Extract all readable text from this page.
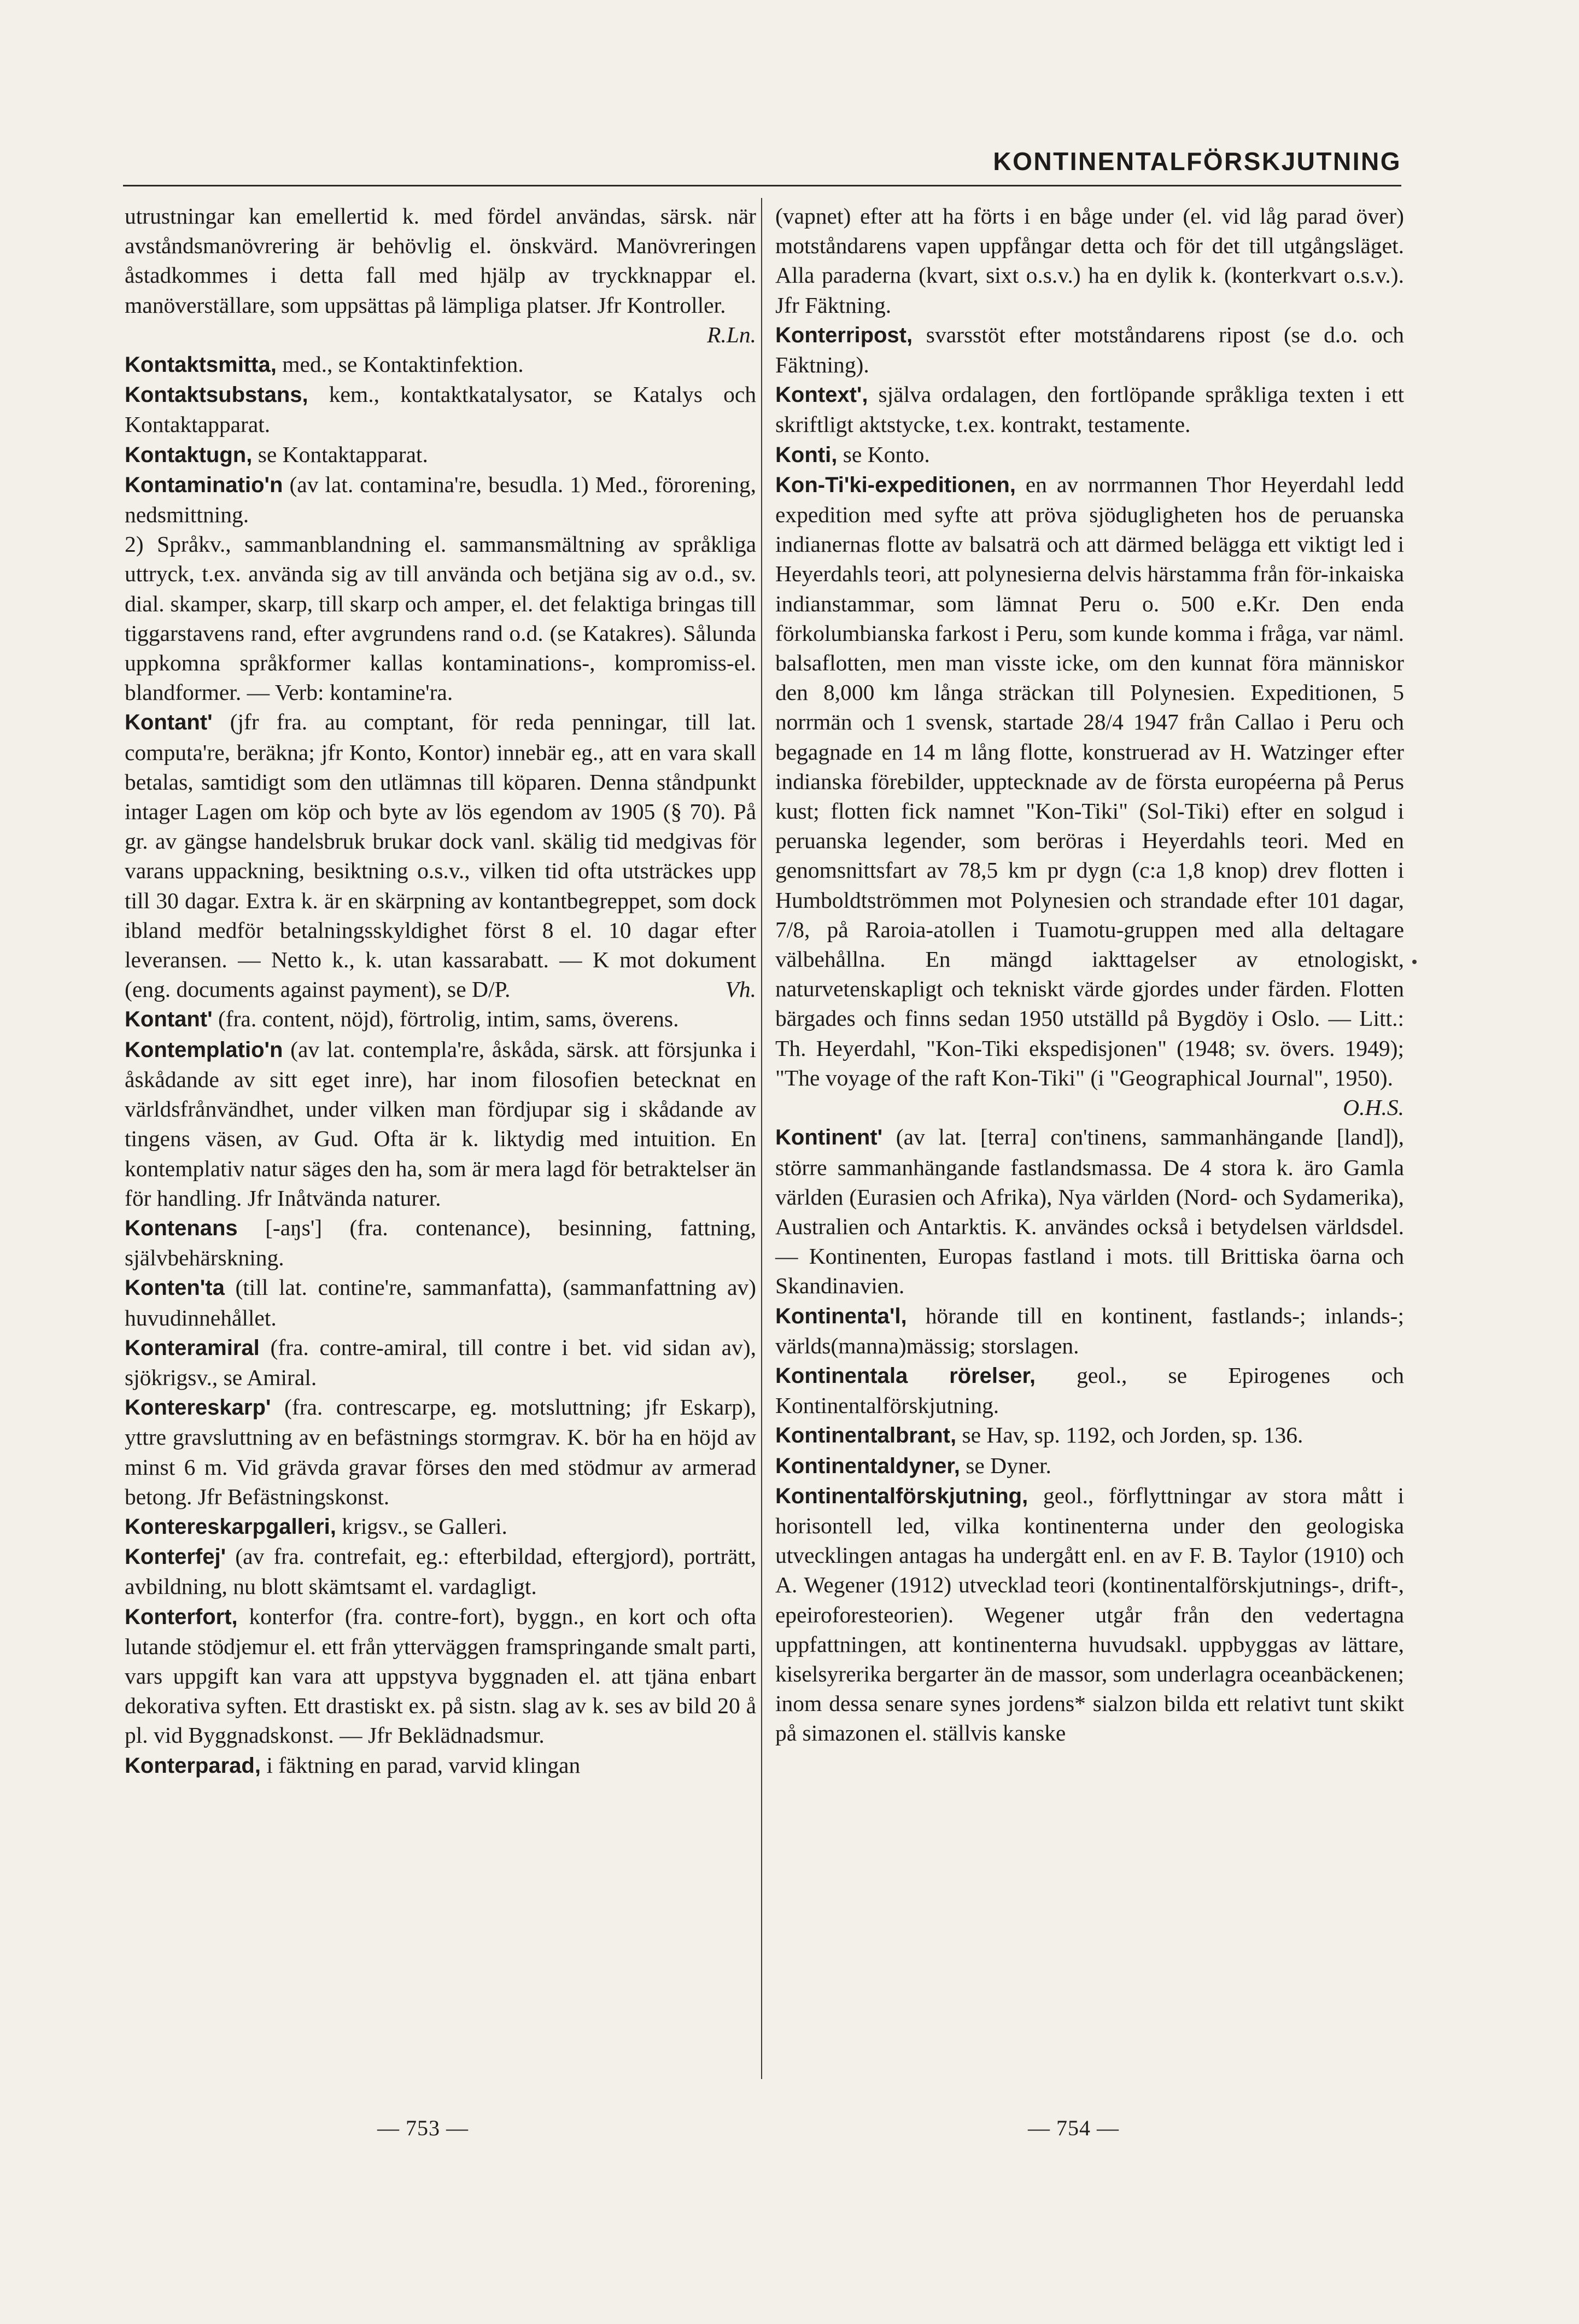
KONTINENTALFÖRSKJUTNING

utrustningar kan emellertid k. med fördel användas, särsk. när avståndsmanövrering är behövlig el. önskvärd. Manövreringen åstadkommes i detta fall med hjälp av tryckknappar el. manöverställare, som uppsättas på lämpliga platser. Jfr Kontroller.
R.Ln.

Kontaktsmitta, med., se Kontaktinfektion.

Kontaktsubstans, kem., kontaktkatalysator, se Katalys och Kontaktapparat.

Kontaktugn, se Kontaktapparat.

Kontaminatio'n (av lat. contamina're, besudla. 1) Med., förorening, nedsmittning.

2) Språkv., sammanblandning el. sammansmältning av språkliga uttryck, t.ex. använda sig av till använda och betjäna sig av o.d., sv. dial. skamper, skarp, till skarp och amper, el. det felaktiga bringas till tiggarstavens rand, efter avgrundens rand o.d. (se Katakres). Sålunda uppkomna språkformer kallas kontaminations-, kompromiss-el. blandformer. — Verb: kontamine'ra.

Kontant' (jfr fra. au comptant, för reda penningar, till lat. computa're, beräkna; jfr Konto, Kontor) innebär eg., att en vara skall betalas, samtidigt som den utlämnas till köparen. Denna ståndpunkt intager Lagen om köp och byte av lös egendom av 1905 (§ 70). På gr. av gängse handelsbruk brukar dock vanl. skälig tid medgivas för varans uppackning, besiktning o.s.v., vilken tid ofta utsträckes upp till 30 dagar. Extra k. är en skärpning av kontantbegreppet, som dock ibland medför betalningsskyldighet först 8 el. 10 dagar efter leveransen. — Netto k., k. utan kassarabatt. — K mot dokument (eng. documents against payment), se D/P.	Vh.

Kontant' (fra. content, nöjd), förtrolig, intim, sams, överens.

Kontemplatio'n (av lat. contempla're, åskåda, särsk. att försjunka i åskådande av sitt eget inre), har inom filosofien betecknat en världsfrånvändhet, under vilken man fördjupar sig i skådande av tingens väsen, av Gud. Ofta är k. liktydig med intuition. En kontemplativ natur säges den ha, som är mera lagd för betraktelser än för handling. Jfr Inåtvända naturer.

Kontenans [-aŋs'] (fra. contenance), besinning, fattning, självbehärskning.

Konten'ta (till lat. contine're, sammanfatta), (sammanfattning av) huvudinnehållet.

Konteramiral (fra. contre-amiral, till contre i bet. vid sidan av), sjökrigsv., se Amiral.

Kontereskarp' (fra. contrescarpe, eg. motsluttning; jfr Eskarp), yttre gravsluttning av en befästnings stormgrav. K. bör ha en höjd av minst 6 m. Vid grävda gravar förses den med stödmur av armerad betong. Jfr Befästningskonst.

Kontereskarpgalleri, krigsv., se Galleri.

Konterfej' (av fra. contrefait, eg.: efterbildad, eftergjord), porträtt, avbildning, nu blott skämtsamt el. vardagligt.

Konterfort, konterfor (fra. contre-fort), byggn., en kort och ofta lutande stödjemur el. ett från ytterväggen framspringande smalt parti, vars uppgift kan vara att uppstyva byggnaden el. att tjäna enbart dekorativa syften. Ett drastiskt ex. på sistn. slag av k. ses av bild 20 å pl. vid Byggnadskonst. — Jfr Beklädnadsmur.

Konterparad, i fäktning en parad, varvid klingan

(vapnet) efter att ha förts i en båge under (el. vid låg parad över) motståndarens vapen uppfångar detta och för det till utgångsläget. Alla paraderna (kvart, sixt o.s.v.) ha en dylik k. (konterkvart o.s.v.). Jfr Fäktning.

Konterripost, svarsstöt efter motståndarens ripost (se d.o. och Fäktning).

Kontext', själva ordalagen, den fortlöpande språkliga texten i ett skriftligt aktstycke, t.ex. kontrakt, testamente.

Konti, se Konto.

Kon-Ti'ki-expeditionen, en av norrmannen Thor Heyerdahl ledd expedition med syfte att pröva sjödugligheten hos de peruanska indianernas flotte av balsaträ och att därmed belägga ett viktigt led i Heyerdahls teori, att polynesierna delvis härstamma från för-inkaiska indianstammar, som lämnat Peru o. 500 e.Kr. Den enda förkolumbianska farkost i Peru, som kunde komma i fråga, var näml. balsaflotten, men man visste icke, om den kunnat föra människor den 8,000 km långa sträckan till Polynesien. Expeditionen, 5 norrmän och 1 svensk, startade 28/4 1947 från Callao i Peru och begagnade en 14 m lång flotte, konstruerad av H. Watzinger efter indianska förebilder, upptecknade av de första européerna på Perus kust; flotten fick namnet "Kon-Tiki" (Sol-Tiki) efter en solgud i peruanska legender, som beröras i Heyerdahls teori. Med en genomsnittsfart av 78,5 km pr dygn (c:a 1,8 knop) drev flotten i Humboldtströmmen mot Polynesien och strandade efter 101 dagar, 7/8, på Raroia-atollen i Tuamotu-gruppen med alla deltagare välbehållna. En mängd iakttagelser av etnologiskt, naturvetenskapligt och tekniskt värde gjordes under färden. Flotten bärgades och finns sedan 1950 utställd på Bygdöy i Oslo. — Litt.: Th. Heyerdahl, "Kon-Tiki ekspedisjonen" (1948; sv. övers. 1949); "The voyage of the raft Kon-Tiki" (i "Geographical Journal", 1950).
O.H.S.

Kontinent' (av lat. [terra] con'tinens, sammanhängande [land]), större sammanhängande fastlandsmassa. De 4 stora k. äro Gamla världen (Eurasien och Afrika), Nya världen (Nord- och Sydamerika), Australien och Antarktis. K. användes också i betydelsen världsdel. — Kontinenten, Europas fastland i mots. till Brittiska öarna och Skandinavien.

Kontinenta'l, hörande till en kontinent, fastlands-; inlands-; världs(manna)mässig; storslagen.

Kontinentala rörelser, geol., se Epirogenes och Kontinentalförskjutning.

Kontinentalbrant, se Hav, sp. 1192, och Jorden, sp. 136.

Kontinentaldyner, se Dyner.

Kontinentalförskjutning, geol., förflyttningar av stora mått i horisontell led, vilka kontinenterna under den geologiska utvecklingen antagas ha undergått enl. en av F. B. Taylor (1910) och A. Wegener (1912) utvecklad teori (kontinentalförskjutnings-, drift-, epeiroforesteorien). Wegener utgår från den vedertagna uppfattningen, att kontinenterna huvudsakl. uppbyggas av lättare, kiselsyrerika bergarter än de massor, som underlagra oceanbäckenen; inom dessa senare synes jordens* sialzon bilda ett relativt tunt skikt på simazonen el. ställvis kanske

— 753 —	— 754 —
